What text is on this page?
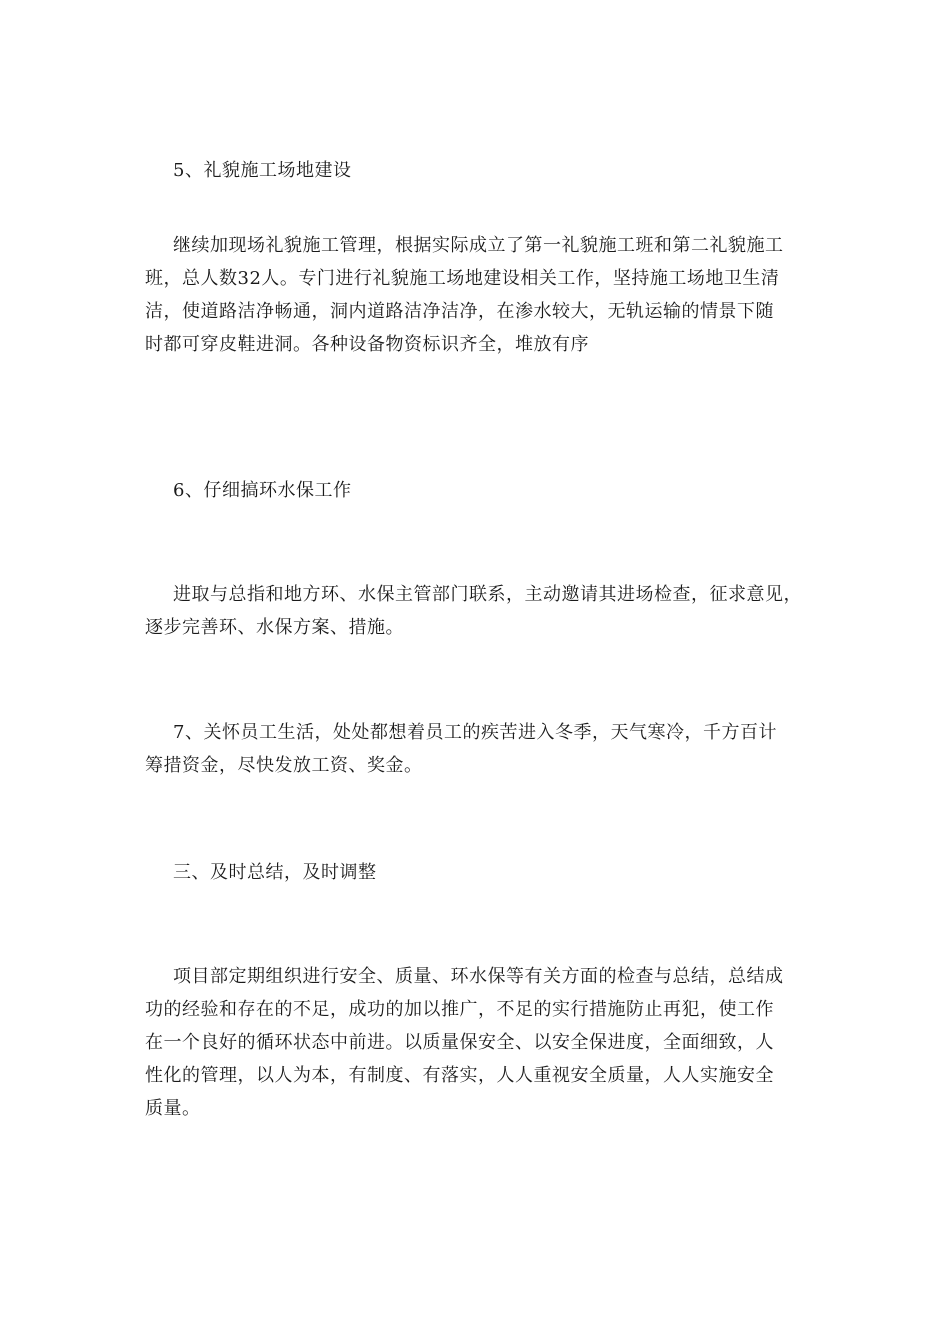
5、礼貌施工场地建设
继续加现场礼貌施工管理，根据实际成立了第一礼貌施工班和第二礼貌施工
班，总人数32人。专门进行礼貌施工场地建设相关工作，坚持施工场地卫生清
洁，使道路洁净畅通，洞内道路洁净洁净，在渗水较大，无轨运输的情景下随
时都可穿皮鞋进洞。各种设备物资标识齐全，堆放有序
6、仔细搞环水保工作
进取与总指和地方环、水保主管部门联系，主动邀请其进场检查，征求意见，
逐步完善环、水保方案、措施。
7、关怀员工生活，处处都想着员工的疾苦进入冬季，天气寒冷，千方百计
筹措资金，尽快发放工资、奖金。
三、及时总结，及时调整
项目部定期组织进行安全、质量、环水保等有关方面的检查与总结，总结成
功的经验和存在的不足，成功的加以推广，不足的实行措施防止再犯，使工作
在一个良好的循环状态中前进。以质量保安全、以安全保进度，全面细致，人
性化的管理，以人为本，有制度、有落实，人人重视安全质量，人人实施安全
质量。
